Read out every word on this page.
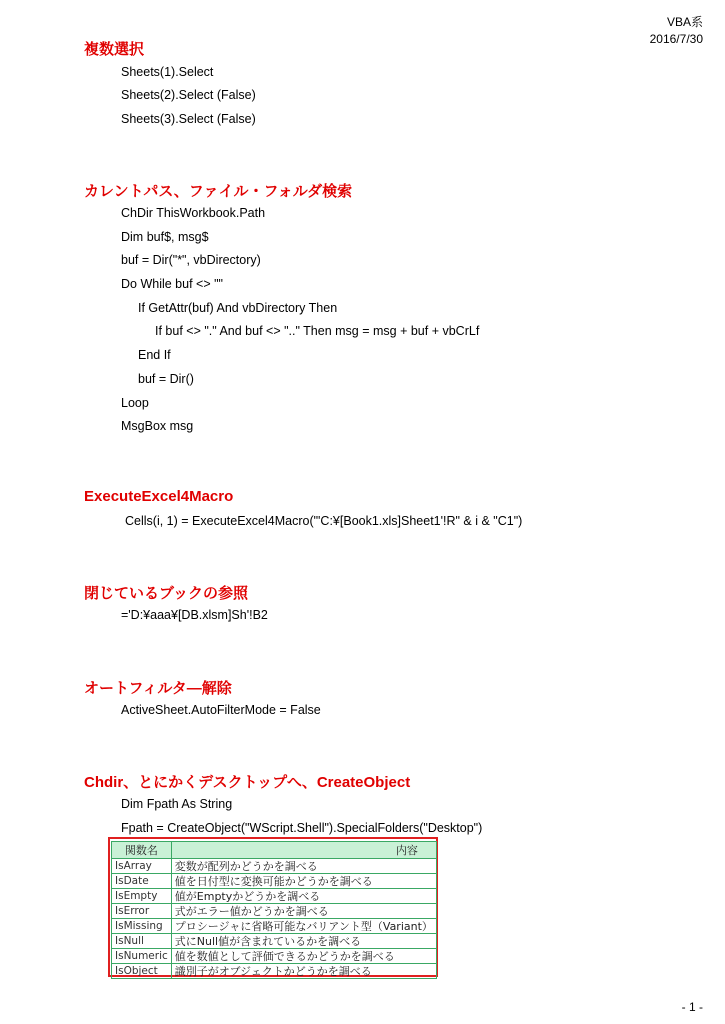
VBA系
2016/7/30
複数選択

Sheets(1).Select

Sheets(2).Select (False)

Sheets(3).Select (False)

カレントパス、ファイル・フォルダ検索

ChDir ThisWorkbook.Path

Dim buf$, msg$

buf = Dir("*", vbDirectory)

Do While buf <> ""

If GetAttr(buf) And vbDirectory Then

If buf <> "." And buf <> ".." Then msg = msg + buf + vbCrLf

End If

buf = Dir()

Loop

MsgBox msg

ExecuteExcel4Macro

Cells(i, 1) = ExecuteExcel4Macro("'C:¥[Book1.xls]Sheet1'!R" & i & "C1")

閉じているブックの参照

='D:¥aaa¥[DB.xlsm]Sh'!B2

オートフィルタ―解除

ActiveSheet.AutoFilterMode = False

Chdir、とにかくデスクトップへ、CreateObject

Dim Fpath As String

Fpath = CreateObject("WScript.Shell").SpecialFolders("Desktop")

関数名	内容
IsArray	変数が配列かどうかを調べる
IsDate	値を日付型に変換可能かどうかを調べる
IsEmpty	値がEmptyかどうかを調べる
IsError	式がエラー値かどうかを調べる
IsMissing	プロシージャに省略可能なバリアント型（Variant）
IsNull	式にNull値が含まれているかを調べる
IsNumeric	値を数値として評価できるかどうかを調べる
IsObject	識別子がオブジェクトかどうかを調べる
- 1 -
